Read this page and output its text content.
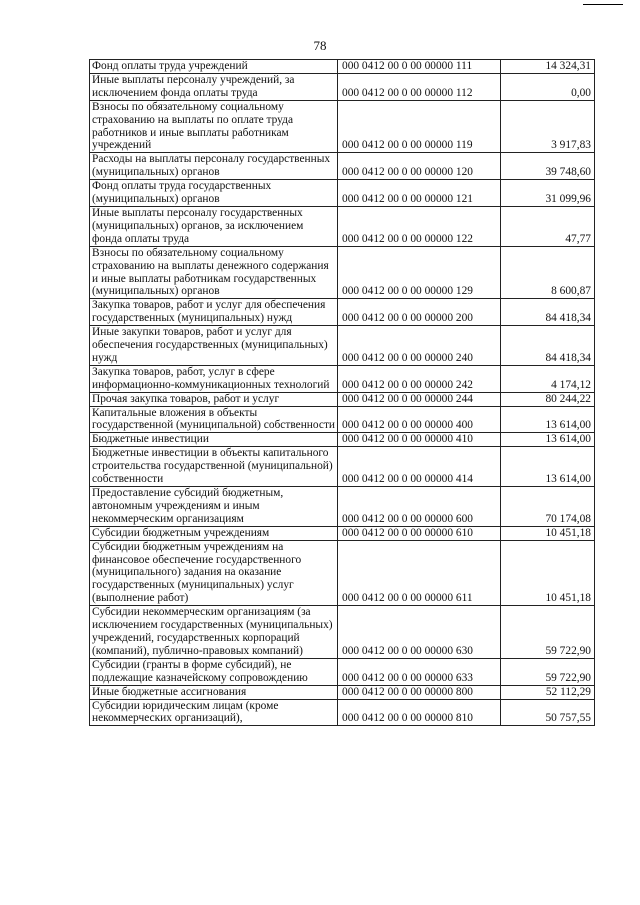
78
Фонд оплаты труда учреждений	000 0412 00 0 00 00000 111	14 324,31
Иные выплаты персоналу учреждений, за исключением фонда оплаты труда	000 0412 00 0 00 00000 112	0,00
Взносы по обязательному социальному страхованию на выплаты по оплате труда работников и иные выплаты работникам учреждений	000 0412 00 0 00 00000 119	3 917,83
Расходы на выплаты персоналу государственных (муниципальных) органов	000 0412 00 0 00 00000 120	39 748,60
Фонд оплаты труда государственных (муниципальных) органов	000 0412 00 0 00 00000 121	31 099,96
Иные выплаты персоналу государственных (муниципальных) органов, за исключением фонда оплаты труда	000 0412 00 0 00 00000 122	47,77
Взносы по обязательному социальному страхованию на выплаты денежного содержания и иные выплаты работникам государственных (муниципальных) органов	000 0412 00 0 00 00000 129	8 600,87
Закупка товаров, работ и услуг для обеспечения государственных (муниципальных) нужд	000 0412 00 0 00 00000 200	84 418,34
Иные закупки товаров, работ и услуг для обеспечения государственных (муниципальных) нужд	000 0412 00 0 00 00000 240	84 418,34
Закупка товаров, работ, услуг в сфере информационно-коммуникационных технологий	000 0412 00 0 00 00000 242	4 174,12
Прочая закупка товаров, работ и услуг	000 0412 00 0 00 00000 244	80 244,22
Капитальные вложения в объекты государственной (муниципальной) собственности	000 0412 00 0 00 00000 400	13 614,00
Бюджетные инвестиции	000 0412 00 0 00 00000 410	13 614,00
Бюджетные инвестиции в объекты капитального строительства государственной (муниципальной) собственности	000 0412 00 0 00 00000 414	13 614,00
Предоставление субсидий бюджетным, автономным учреждениям и иным некоммерческим организациям	000 0412 00 0 00 00000 600	70 174,08
Субсидии бюджетным учреждениям	000 0412 00 0 00 00000 610	10 451,18
Субсидии бюджетным учреждениям на финансовое обеспечение государственного (муниципального) задания на оказание государственных (муниципальных) услуг (выполнение работ)	000 0412 00 0 00 00000 611	10 451,18
Субсидии некоммерческим организациям (за исключением государственных (муниципальных) учреждений, государственных корпораций (компаний), публично-правовых компаний)	000 0412 00 0 00 00000 630	59 722,90
Субсидии (гранты в форме субсидий), не подлежащие казначейскому сопровождению	000 0412 00 0 00 00000 633	59 722,90
Иные бюджетные ассигнования	000 0412 00 0 00 00000 800	52 112,29
Субсидии юридическим лицам (кроме некоммерческих организаций),	000 0412 00 0 00 00000 810	50 757,55
